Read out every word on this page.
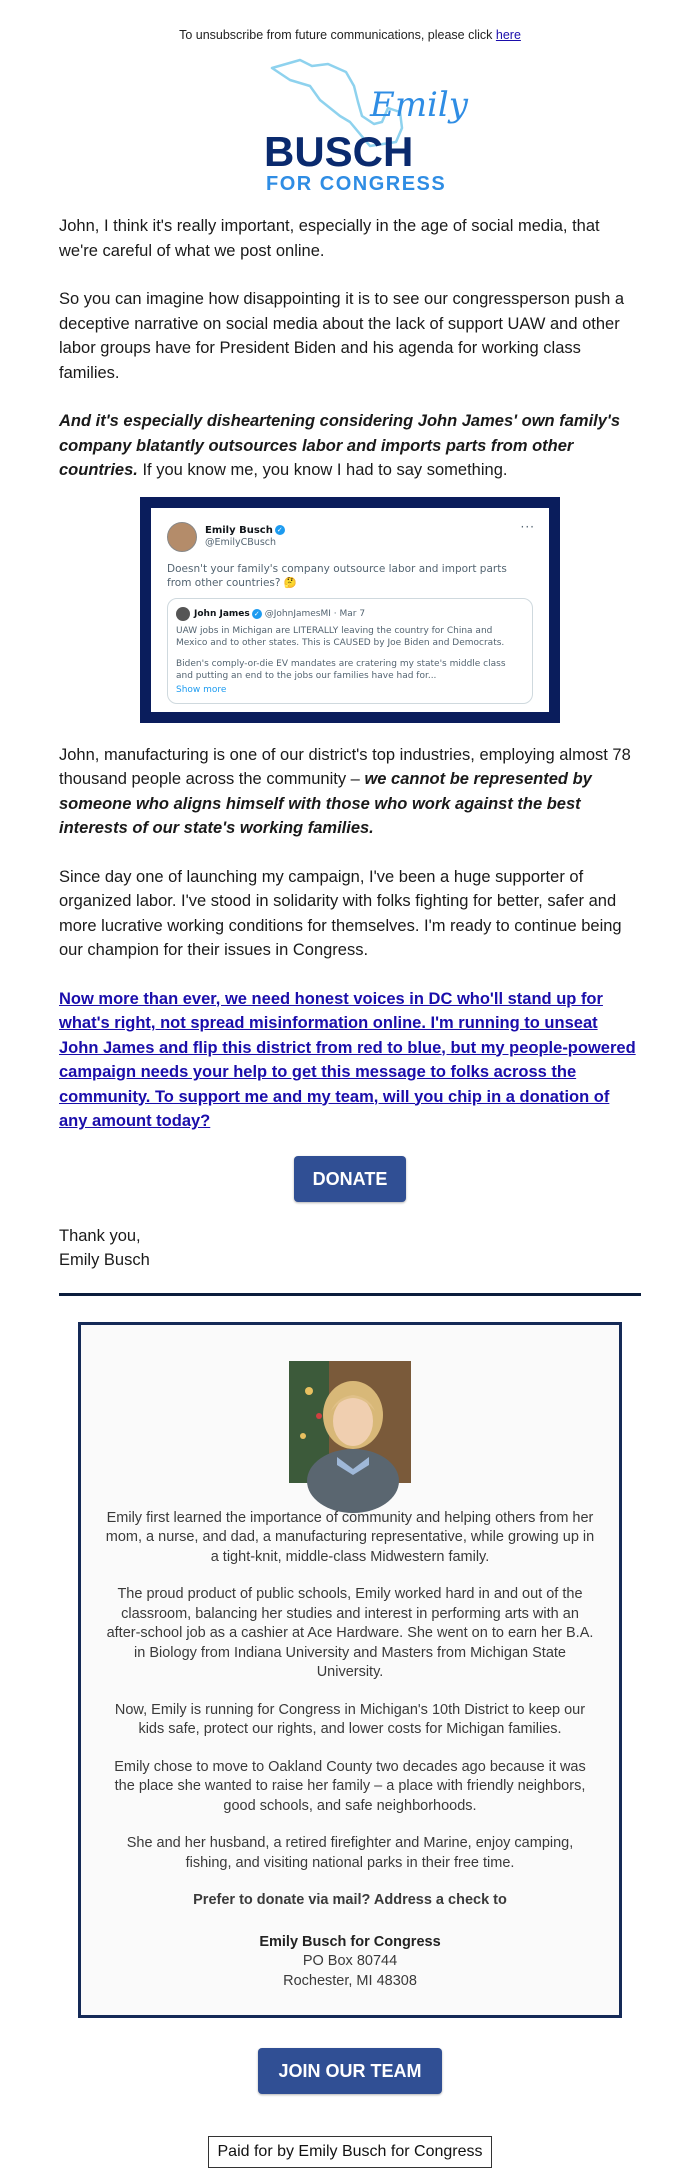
To unsubscribe from future communications, please click here
Emily
BUSCH
FOR CONGRESS

John, I think it's really important, especially in the age of social media, that we're careful of what we post online.

So you can imagine how disappointing it is to see our congressperson push a deceptive narrative on social media about the lack of support UAW and other labor groups have for President Biden and his agenda for working class families.

And it's especially disheartening considering John James' own family's company blatantly outsources labor and imports parts from other countries. If you know me, you know I had to say something.

Emily Busch ✓
@EmilyCBusch
···
Doesn't your family's company outsource labor and import parts from other countries? 🤔
John James ✓ @JohnJamesMI · Mar 7
UAW jobs in Michigan are LITERALLY leaving the country for China and Mexico and to other states. This is CAUSED by Joe Biden and Democrats.
Biden's comply-or-die EV mandates are cratering my state's middle class and putting an end to the jobs our families have had for...
Show more

John, manufacturing is one of our district's top industries, employing almost 78 thousand people across the community – we cannot be represented by someone who aligns himself with those who work against the best interests of our state's working families.

Since day one of launching my campaign, I've been a huge supporter of organized labor. I've stood in solidarity with folks fighting for better, safer and more lucrative working conditions for themselves. I'm ready to continue being our champion for their issues in Congress.

Now more than ever, we need honest voices in DC who'll stand up for what's right, not spread misinformation online. I'm running to unseat John James and flip this district from red to blue, but my people-powered campaign needs your help to get this message to folks across the community. To support me and my team, will you chip in a donation of any amount today?
DONATE
Thank you,
Emily Busch

Emily first learned the importance of community and helping others from her mom, a nurse, and dad, a manufacturing representative, while growing up in a tight-knit, middle-class Midwestern family.

The proud product of public schools, Emily worked hard in and out of the classroom, balancing her studies and interest in performing arts with an after-school job as a cashier at Ace Hardware. She went on to earn her B.A. in Biology from Indiana University and Masters from Michigan State University.

Now, Emily is running for Congress in Michigan's 10th District to keep our kids safe, protect our rights, and lower costs for Michigan families.

Emily chose to move to Oakland County two decades ago because it was the place she wanted to raise her family – a place with friendly neighbors, good schools, and safe neighborhoods.

She and her husband, a retired firefighter and Marine, enjoy camping, fishing, and visiting national parks in their free time.

Prefer to donate via mail? Address a check to

Emily Busch for Congress
PO Box 80744
Rochester, MI 48308
JOIN OUR TEAM
Paid for by Emily Busch for Congress
